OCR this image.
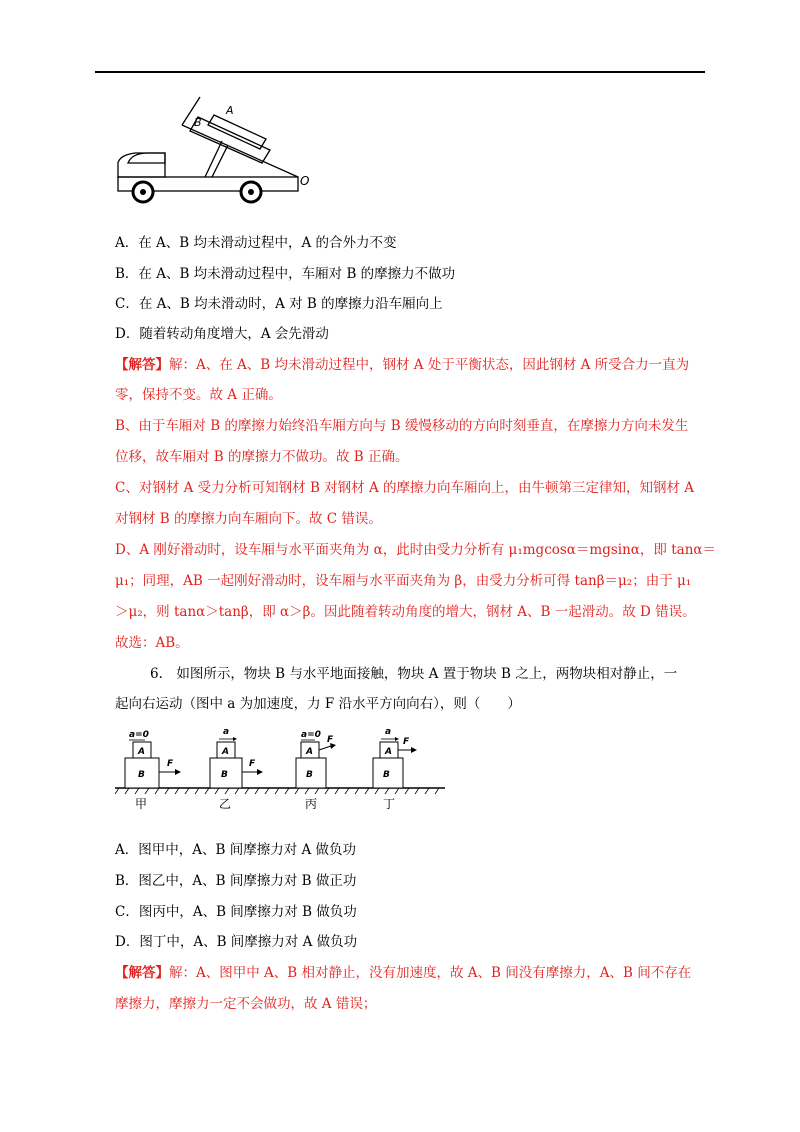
A
B
O
A．在 A、B 均未滑动过程中，A 的合外力不变
B．在 A、B 均未滑动过程中，车厢对 B 的摩擦力不做功
C．在 A、B 均未滑动时，A 对 B 的摩擦力沿车厢向上
D．随着转动角度增大，A 会先滑动
【解答】解：A、在 A、B 均未滑动过程中，钢材 A 处于平衡状态，因此钢材 A 所受合力一直为
零，保持不变。故 A 正确。
B、由于车厢对 B 的摩擦力始终沿车厢方向与 B 缓慢移动的方向时刻垂直，在摩擦力方向未发生
位移，故车厢对 B 的摩擦力不做功。故 B 正确。
C、对钢材 A 受力分析可知钢材 B 对钢材 A 的摩擦力向车厢向上，由牛顿第三定律知，知钢材 A
对钢材 B 的摩擦力向车厢向下。故 C 错误。
D、A 刚好滑动时，设车厢与水平面夹角为 α，此时由受力分析有 μ₁mgcosα＝mgsinα，即 tanα＝
μ₁；同理，AB 一起刚好滑动时，设车厢与水平面夹角为 β，由受力分析可得 tanβ＝μ₂；由于 μ₁
＞μ₂，则 tanα＞tanβ，即 α＞β。因此随着转动角度的增大，钢材 A、B 一起滑动。故 D 错误。
故选：AB。
6.　如图所示，物块 B 与水平地面接触，物块 A 置于物块 B 之上，两物块相对静止，一
起向右运动（图中 a 为加速度，力 F 沿水平方向向右），则（　　）
a=0
A
B
F
甲
a
A
B
F
乙
a=0
A
B
F
丙
a
A
B
F
丁
A．图甲中，A、B 间摩擦力对 A 做负功
B．图乙中，A、B 间摩擦力对 B 做正功
C．图丙中，A、B 间摩擦力对 B 做负功
D．图丁中，A、B 间摩擦力对 A 做负功
【解答】解：A、图甲中 A、B 相对静止，没有加速度，故 A、B 间没有摩擦力，A、B 间不存在
摩擦力，摩擦力一定不会做功，故 A 错误；
